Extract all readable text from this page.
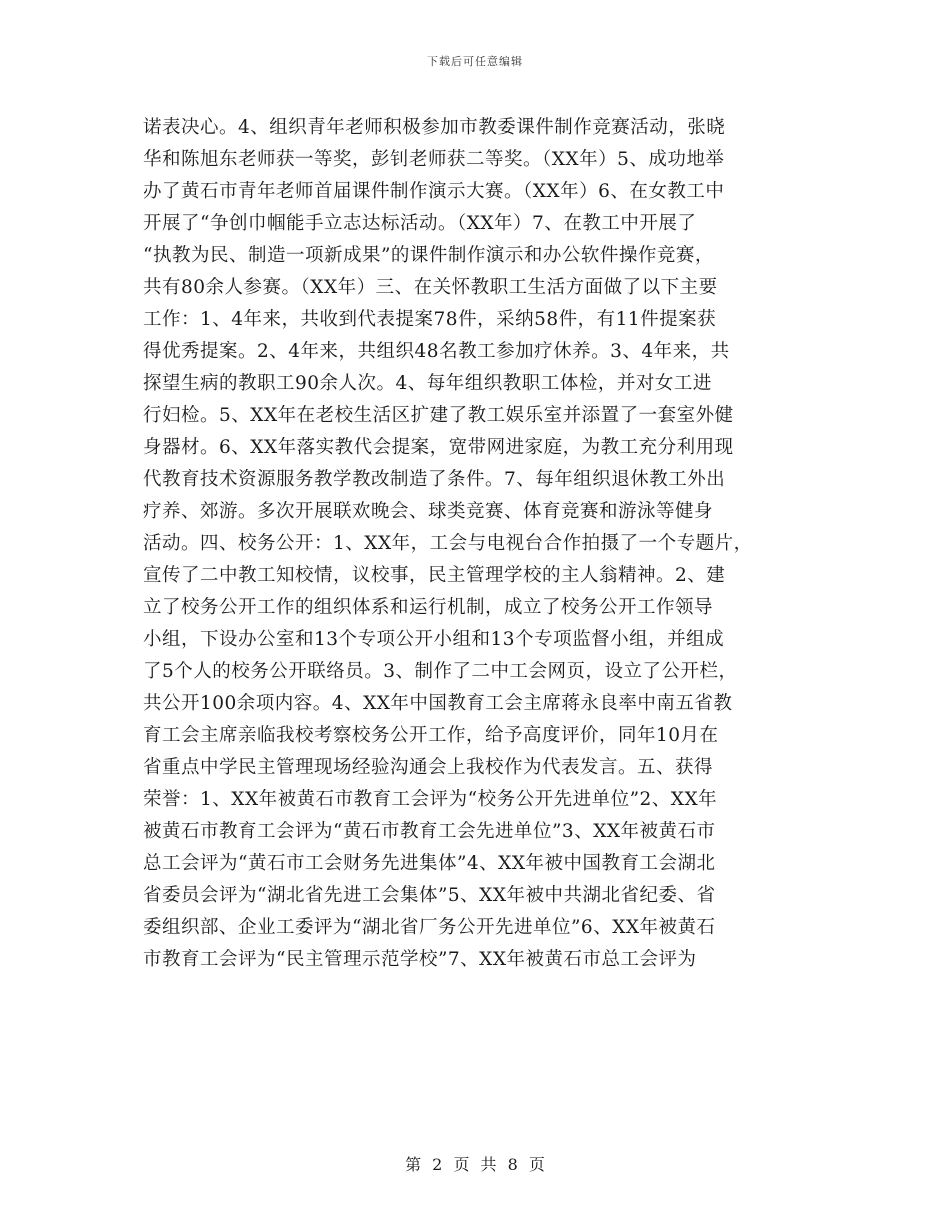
下载后可任意编辑
诺表决心。4、组织青年老师积极参加市教委课件制作竞赛活动，张晓
华和陈旭东老师获一等奖，彭钊老师获二等奖。（XX年）5、成功地举
办了黄石市青年老师首届课件制作演示大赛。（XX年）6、在女教工中
开展了“争创巾帼能手立志达标活动。（XX年）7、在教工中开展了
“执教为民、制造一项新成果”的课件制作演示和办公软件操作竞赛，
共有80余人参赛。（XX年）三、在关怀教职工生活方面做了以下主要
工作：1、4年来，共收到代表提案78件，采纳58件，有11件提案获
得优秀提案。2、4年来，共组织48名教工参加疗休养。3、4年来，共
探望生病的教职工90余人次。4、每年组织教职工体检，并对女工进
行妇检。5、XX年在老校生活区扩建了教工娱乐室并添置了一套室外健
身器材。6、XX年落实教代会提案，宽带网进家庭，为教工充分利用现
代教育技术资源服务教学教改制造了条件。7、每年组织退休教工外出
疗养、郊游。多次开展联欢晚会、球类竞赛、体育竞赛和游泳等健身
活动。四、校务公开：1、XX年，工会与电视台合作拍摄了一个专题片，
宣传了二中教工知校情，议校事，民主管理学校的主人翁精神。2、建
立了校务公开工作的组织体系和运行机制，成立了校务公开工作领导
小组，下设办公室和13个专项公开小组和13个专项监督小组，并组成
了5个人的校务公开联络员。3、制作了二中工会网页，设立了公开栏，
共公开100余项内容。4、XX年中国教育工会主席蒋永良率中南五省教
育工会主席亲临我校考察校务公开工作，给予高度评价，同年10月在
省重点中学民主管理现场经验沟通会上我校作为代表发言。五、获得
荣誉：1、XX年被黄石市教育工会评为“校务公开先进单位”2、XX年
被黄石市教育工会评为“黄石市教育工会先进单位”3、XX年被黄石市
总工会评为“黄石市工会财务先进集体”4、XX年被中国教育工会湖北
省委员会评为“湖北省先进工会集体”5、XX年被中共湖北省纪委、省
委组织部、企业工委评为“湖北省厂务公开先进单位”6、XX年被黄石
市教育工会评为“民主管理示范学校”7、XX年被黄石市总工会评为
第 2 页 共 8 页
